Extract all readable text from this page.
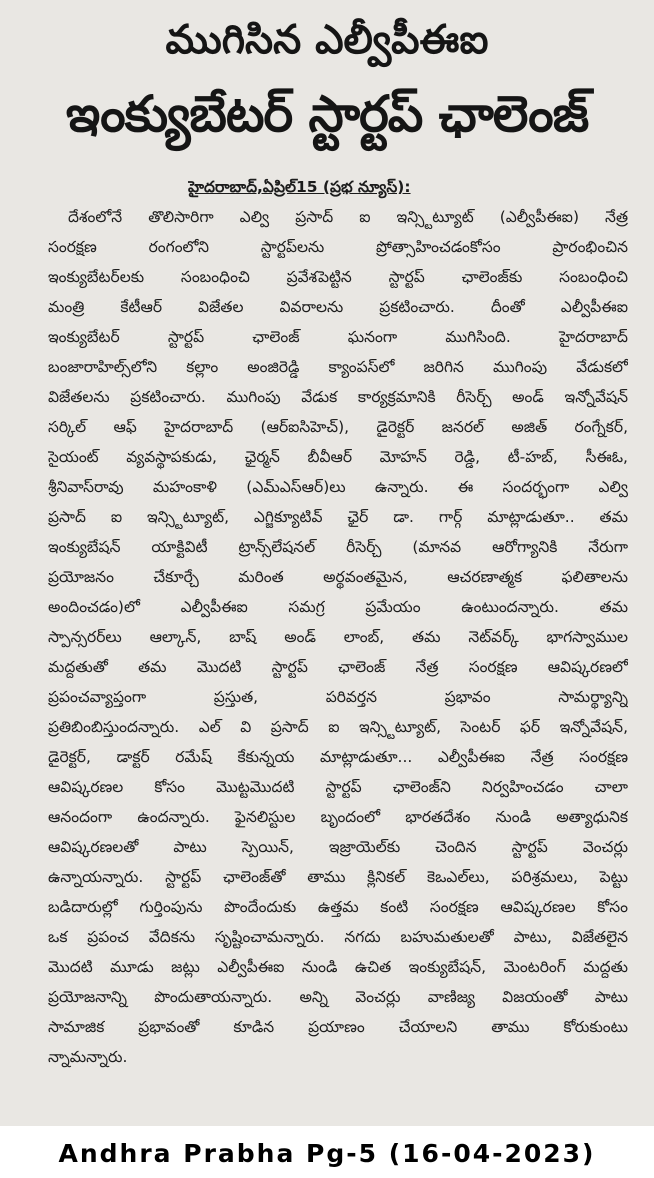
ముగిసిన ఎల్వీపీఈఐ
ఇంక్యుబేటర్ స్టార్టప్ ఛాలెంజ్
హైదరాబాద్,ఏప్రిల్15 (ప్రభ న్యూస్):
దేశంలోనే తొలిసారిగా ఎల్వి ప్రసాద్ ఐ ఇన్స్టిట్యూట్ (ఎల్వీపీఈఐ) నేత్ర
సంరక్షణ రంగంలోని స్టార్టప్‌లను ప్రోత్సాహించడంకోసం ప్రారంభించిన
ఇంక్యుబేటర్‌లకు సంబంధించి ప్రవేశపెట్టిన స్టార్టప్ ఛాలెంజ్‌కు సంబంధించి
మంత్రి కేటీఆర్ విజేతల వివరాలను ప్రకటించారు. దీంతో ఎల్వీపీఈఐ
ఇంక్యుబేటర్ స్టార్టప్ ఛాలెంజ్ ఘనంగా ముగిసింది. హైదరాబాద్
బంజారాహిల్స్‌లోని కల్లాం అంజిరెడ్డి క్యాంపస్‌లో జరిగిన ముగింపు వేడుకలో
విజేతలను ప్రకటించారు. ముగింపు వేడుక కార్యక్రమానికి రీసెర్చ్ అండ్ ఇన్నోవేషన్
సర్కిల్ ఆఫ్ హైదరాబాద్ (ఆర్ఐసిహెచ్), డైరెక్టర్ జనరల్ అజిత్ రంగ్నేకర్,
సైయంట్ వ్యవస్థాపకుడు, ఛైర్మన్ బీవీఆర్ మోహన్ రెడ్డి, టీ-హబ్, సీఈఓ,
శ్రీనివాస్‌రావు మహంకాళి (ఎమ్ఎస్ఆర్)లు ఉన్నారు. ఈ సందర్భంగా ఎల్వి
ప్రసాద్ ఐ ఇన్స్టిట్యూట్, ఎగ్జిక్యూటివ్ ఛైర్ డా. గార్గ్ మాట్లాడుతూ.. తమ
ఇంక్యుబేషన్ యాక్టివిటీ ట్రాన్స్‌లేషనల్ రీసెర్చ్ (మానవ ఆరోగ్యానికి నేరుగా
ప్రయోజనం చేకూర్చే మరింత అర్థవంతమైన, ఆచరణాత్మక ఫలితాలను
అందించడం)లో ఎల్వీపీఈఐ సమగ్ర ప్రమేయం ఉంటుందన్నారు. తమ
స్పాన్సరర్‌లు ఆల్కాన్, బాష్ అండ్ లాంబ్, తమ నెట్‌వర్క్ భాగస్వాముల
మద్దతుతో తమ మొదటి స్టార్టప్ ఛాలెంజ్ నేత్ర సంరక్షణ ఆవిష్కరణలో
ప్రపంచవ్యాప్తంగా ప్రస్తుత, పరివర్తన ప్రభావం సామర్థ్యాన్ని
ప్రతిబింబిస్తుందన్నారు. ఎల్ వి ప్రసాద్ ఐ ఇన్స్టిట్యూట్, సెంటర్ ఫర్ ఇన్నోవేషన్,
డైరెక్టర్, డాక్టర్ రమేష్ కేకున్నయ మాట్లాడుతూ... ఎల్వీపీఈఐ నేత్ర సంరక్షణ
ఆవిష్కరణల కోసం మొట్టమొదటి స్టార్టప్ ఛాలెంజ్‌ని నిర్వహించడం చాలా
ఆనందంగా ఉందన్నారు. ఫైనలిస్టుల బృందంలో భారతదేశం నుండి అత్యాధునిక
ఆవిష్కరణలతో పాటు స్పెయిన్, ఇజ్రాయెల్‌కు చెందిన స్టార్టప్ వెంచర్లు
ఉన్నాయన్నారు. స్టార్టప్ ఛాలెంజ్‌తో తాము క్లినికల్ కెఒఎల్‌లు, పరిశ్రమలు, పెట్టు
బడిదారుల్లో గుర్తింపును పొందేందుకు ఉత్తమ కంటి సంరక్షణ ఆవిష్కరణల కోసం
ఒక ప్రపంచ వేదికను సృష్టించామన్నారు. నగదు బహుమతులతో పాటు, విజేతలైన
మొదటి మూడు జట్లు ఎల్వీపీఈఐ నుండి ఉచిత ఇంక్యుబేషన్, మెంటరింగ్ మద్దతు
ప్రయోజనాన్ని పొందుతాయన్నారు. అన్ని వెంచర్లు వాణిజ్య విజయంతో పాటు
సామాజిక ప్రభావంతో కూడిన ప్రయాణం చేయాలని తాము కోరుకుంటు
న్నామన్నారు.
Andhra Prabha Pg-5 (16-04-2023)
